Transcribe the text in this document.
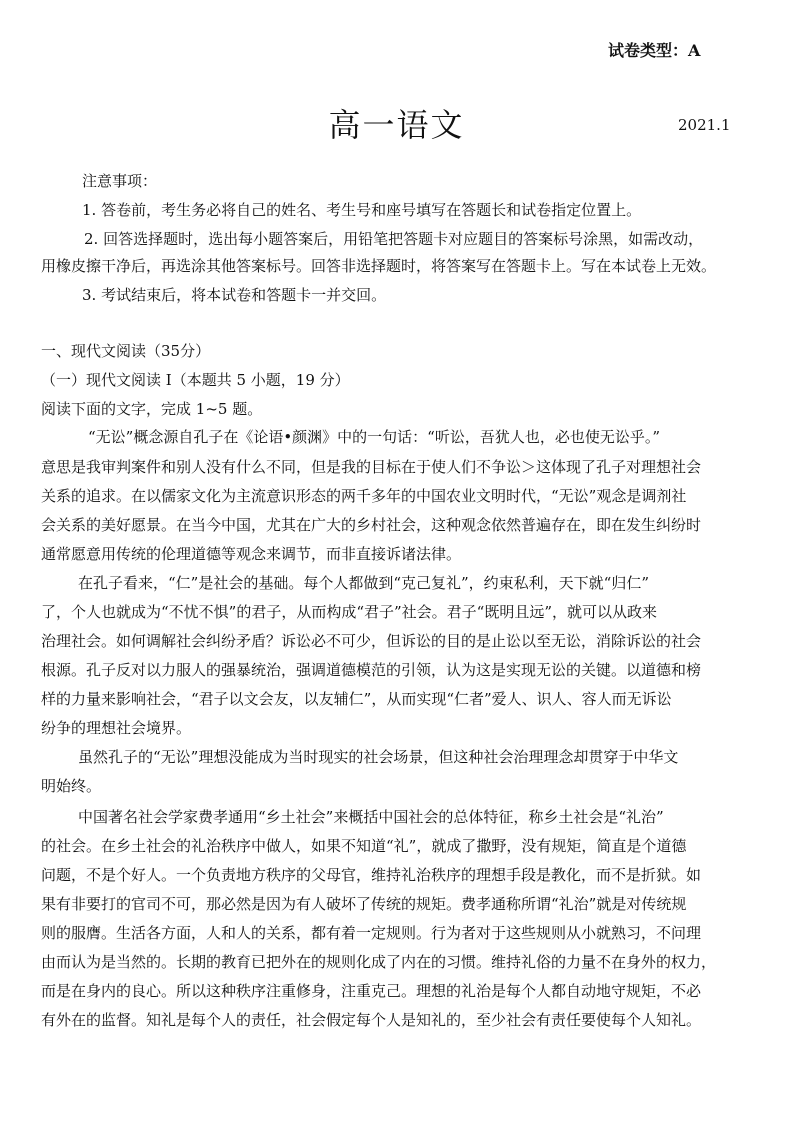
试卷类型：A
高一语文	2021.1
注意事项：
1. 答卷前，考生务必将自己的姓名、考生号和座号填写在答题长和试卷指定位置上。
2. 回答选择题时，选出每小题答案后，用铅笔把答题卡对应题目的答案标号涂黑，如需改动，
用橡皮擦干净后，再选涂其他答案标号。回答非选择题时，将答案写在答题卡上。写在本试卷上无效。
3. 考试结束后，将本试卷和答题卡一并交回。
一、现代文阅读（35分）
（一）现代文阅读 I（本题共 5 小题，19 分）
阅读下面的文字，完成 1~5 题。
“无讼”概念源自孔子在《论语•颜渊》中的一句话：“听讼，吾犹人也，必也使无讼乎。”
意思是我审判案件和别人没有什么不同，但是我的目标在于使人们不争讼＞这体现了孔子对理想社会
关系的追求。在以儒家文化为主流意识形态的两千多年的中国农业文明时代，“无讼”观念是调剂社
会关系的美好愿景。在当今中国，尤其在广大的乡村社会，这种观念依然普遍存在，即在发生纠纷时
通常愿意用传统的伦理道德等观念来调节，而非直接诉诸法律。
在孔子看来，“仁”是社会的基础。每个人都做到“克己复礼”，约束私利，天下就“归仁”
了，个人也就成为“不忧不惧”的君子，从而构成“君子”社会。君子“既明且远”，就可以从政来
治理社会。如何调解社会纠纷矛盾？诉讼必不可少，但诉讼的目的是止讼以至无讼，消除诉讼的社会
根源。孔子反对以力服人的强暴统治，强调道德模范的引领，认为这是实现无讼的关键。以道德和榜
样的力量来影响社会，“君子以文会友，以友辅仁”，从而实现“仁者”爱人、识人、容人而无诉讼
纷争的理想社会境界。
虽然孔子的“无讼”理想没能成为当时现实的社会场景，但这种社会治理理念却贯穿于中华文
明始终。
中国著名社会学家费孝通用“乡土社会”来概括中国社会的总体特征，称乡土社会是“礼治”
的社会。在乡土社会的礼治秩序中做人，如果不知道“礼”，就成了撒野，没有规矩，简直是个道德
问题，不是个好人。一个负责地方秩序的父母官，维持礼治秩序的理想手段是教化，而不是折狱。如
果有非要打的官司不可，那必然是因为有人破坏了传统的规矩。费孝通称所谓“礼治”就是对传统规
则的服膺。生活各方面，人和人的关系，都有着一定规则。行为者对于这些规则从小就熟习，不问理
由而认为是当然的。长期的教育已把外在的规则化成了内在的习惯。维持礼俗的力量不在身外的权力，
而是在身内的良心。所以这种秩序注重修身，注重克己。理想的礼治是每个人都自动地守规矩，不必
有外在的监督。知礼是每个人的责任，社会假定每个人是知礼的，至少社会有责任要使每个人知礼。
